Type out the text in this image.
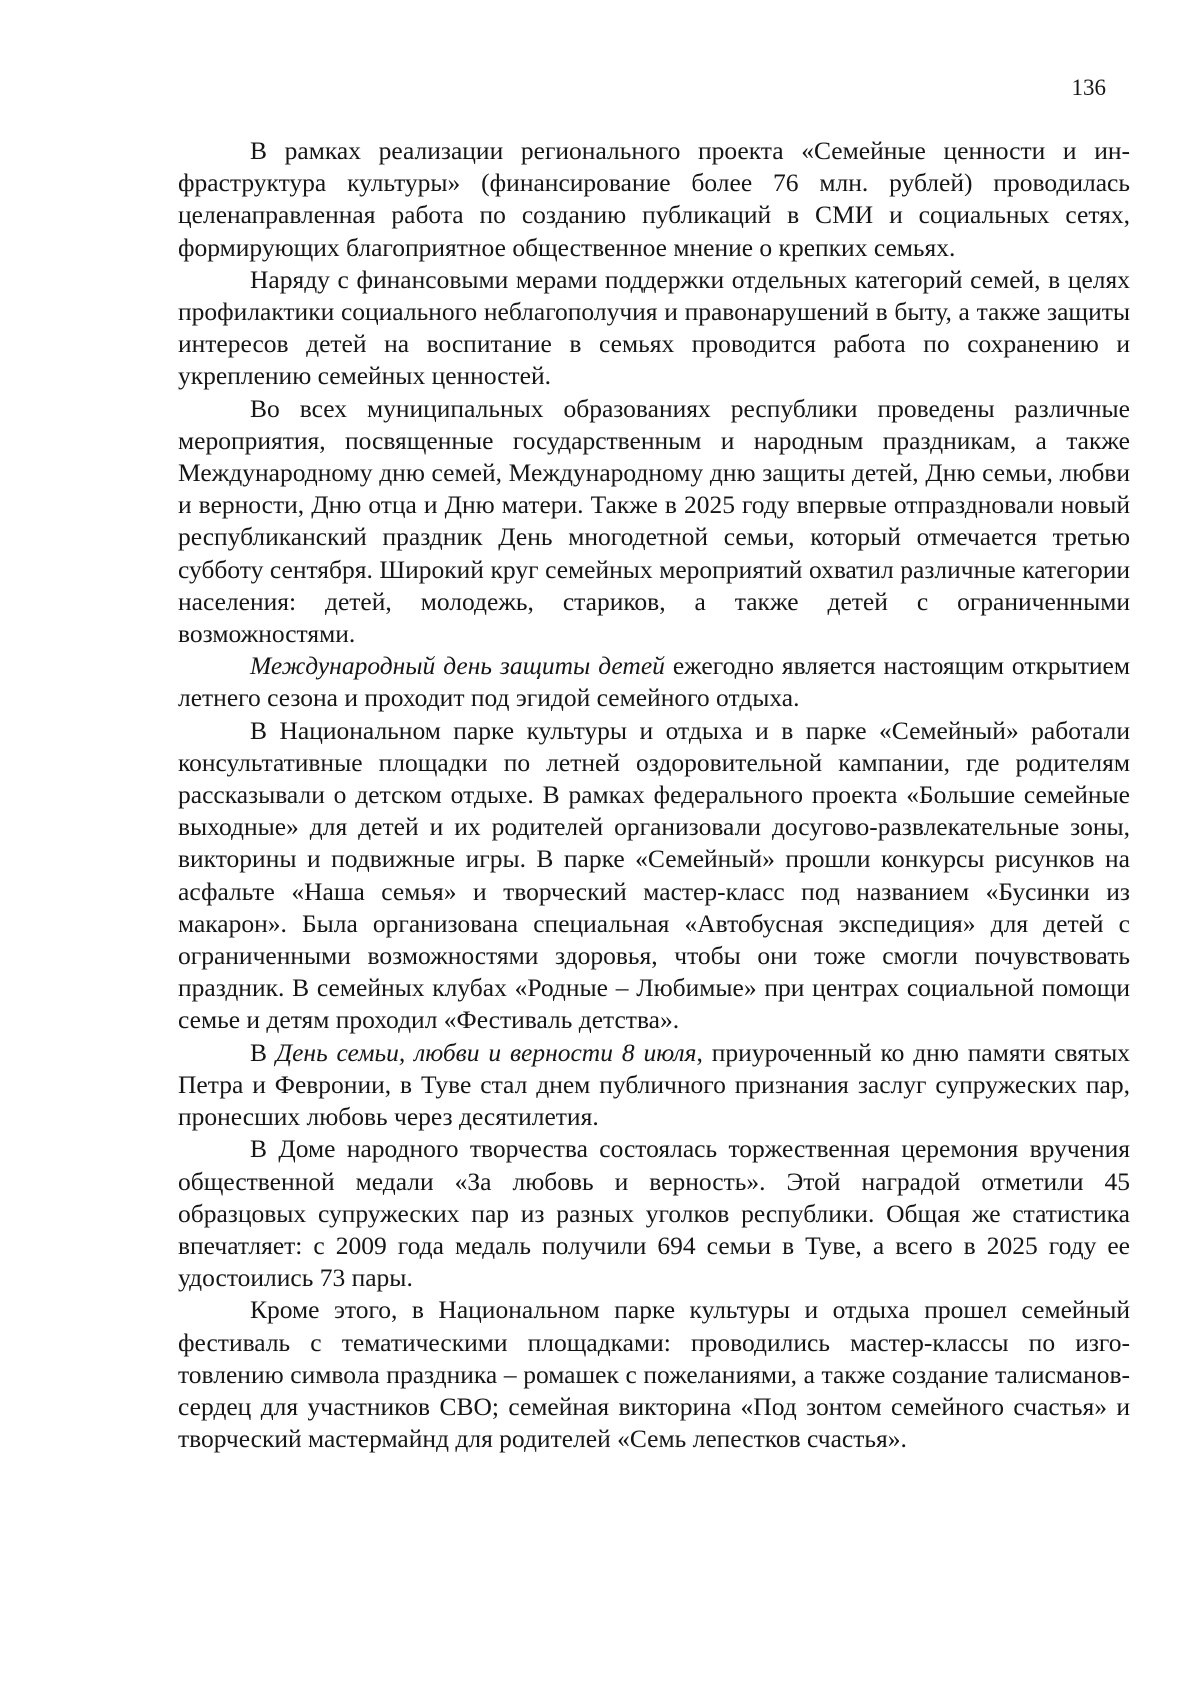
136

В рамках реализации регионального проекта «Семейные ценности и инфраструктура культуры» (финансирование более 76 млн. рублей) проводилась целенаправленная работа по созданию публикаций в СМИ и социальных сетях, формирующих благоприятное общественное мнение о крепких семьях.

Наряду с финансовыми мерами поддержки отдельных категорий семей, в целях профилактики социального неблагополучия и правонарушений в быту, а также защиты интересов детей на воспитание в семьях проводится работа по сохранению и укреплению семейных ценностей.

Во всех муниципальных образованиях республики проведены различные мероприятия, посвященные государственным и народным праздникам, а также Международному дню семей, Международному дню защиты детей, Дню семьи, любви и верности, Дню отца и Дню матери. Также в 2025 году впервые отпраздновали новый республиканский праздник День многодетной семьи, который отмечается третью субботу сентября. Широкий круг семейных мероприятий охватил различные категории населения: детей, молодежь, стариков, а также детей с ограниченными возможностями.

Международный день защиты детей ежегодно является настоящим открытием летнего сезона и проходит под эгидой семейного отдыха.

В Национальном парке культуры и отдыха и в парке «Семейный» работали консультативные площадки по летней оздоровительной кампании, где родителям рассказывали о детском отдыхе. В рамках федерального проекта «Большие семейные выходные» для детей и их родителей организовали досугово-развлекательные зоны, викторины и подвижные игры. В парке «Семейный» прошли конкурсы рисунков на асфальте «Наша семья» и творческий мастер-класс под названием «Бусинки из макарон». Была организована специальная «Автобусная экспедиция» для детей с ограниченными возможностями здоровья, чтобы они тоже смогли почувствовать праздник. В семейных клубах «Родные – Любимые» при центрах социальной помощи семье и детям проходил «Фестиваль детства».

В День семьи, любви и верности 8 июля, приуроченный ко дню памяти святых Петра и Февронии, в Туве стал днем публичного признания заслуг супружеских пар, пронесших любовь через десятилетия.

В Доме народного творчества состоялась торжественная церемония вручения общественной медали «За любовь и верность». Этой наградой отметили 45 образцовых супружеских пар из разных уголков республики. Общая же статистика впечатляет: с 2009 года медаль получили 694 семьи в Туве, а всего в 2025 году ее удостоились 73 пары.

Кроме этого, в Национальном парке культуры и отдыха прошел семейный фестиваль с тематическими площадками: проводились мастер-классы по изготовлению символа праздника – ромашек с пожеланиями, а также создание талисманов-сердец для участников СВО; семейная викторина «Под зонтом семейного счастья» и творческий мастермайнд для родителей «Семь лепестков счастья».
